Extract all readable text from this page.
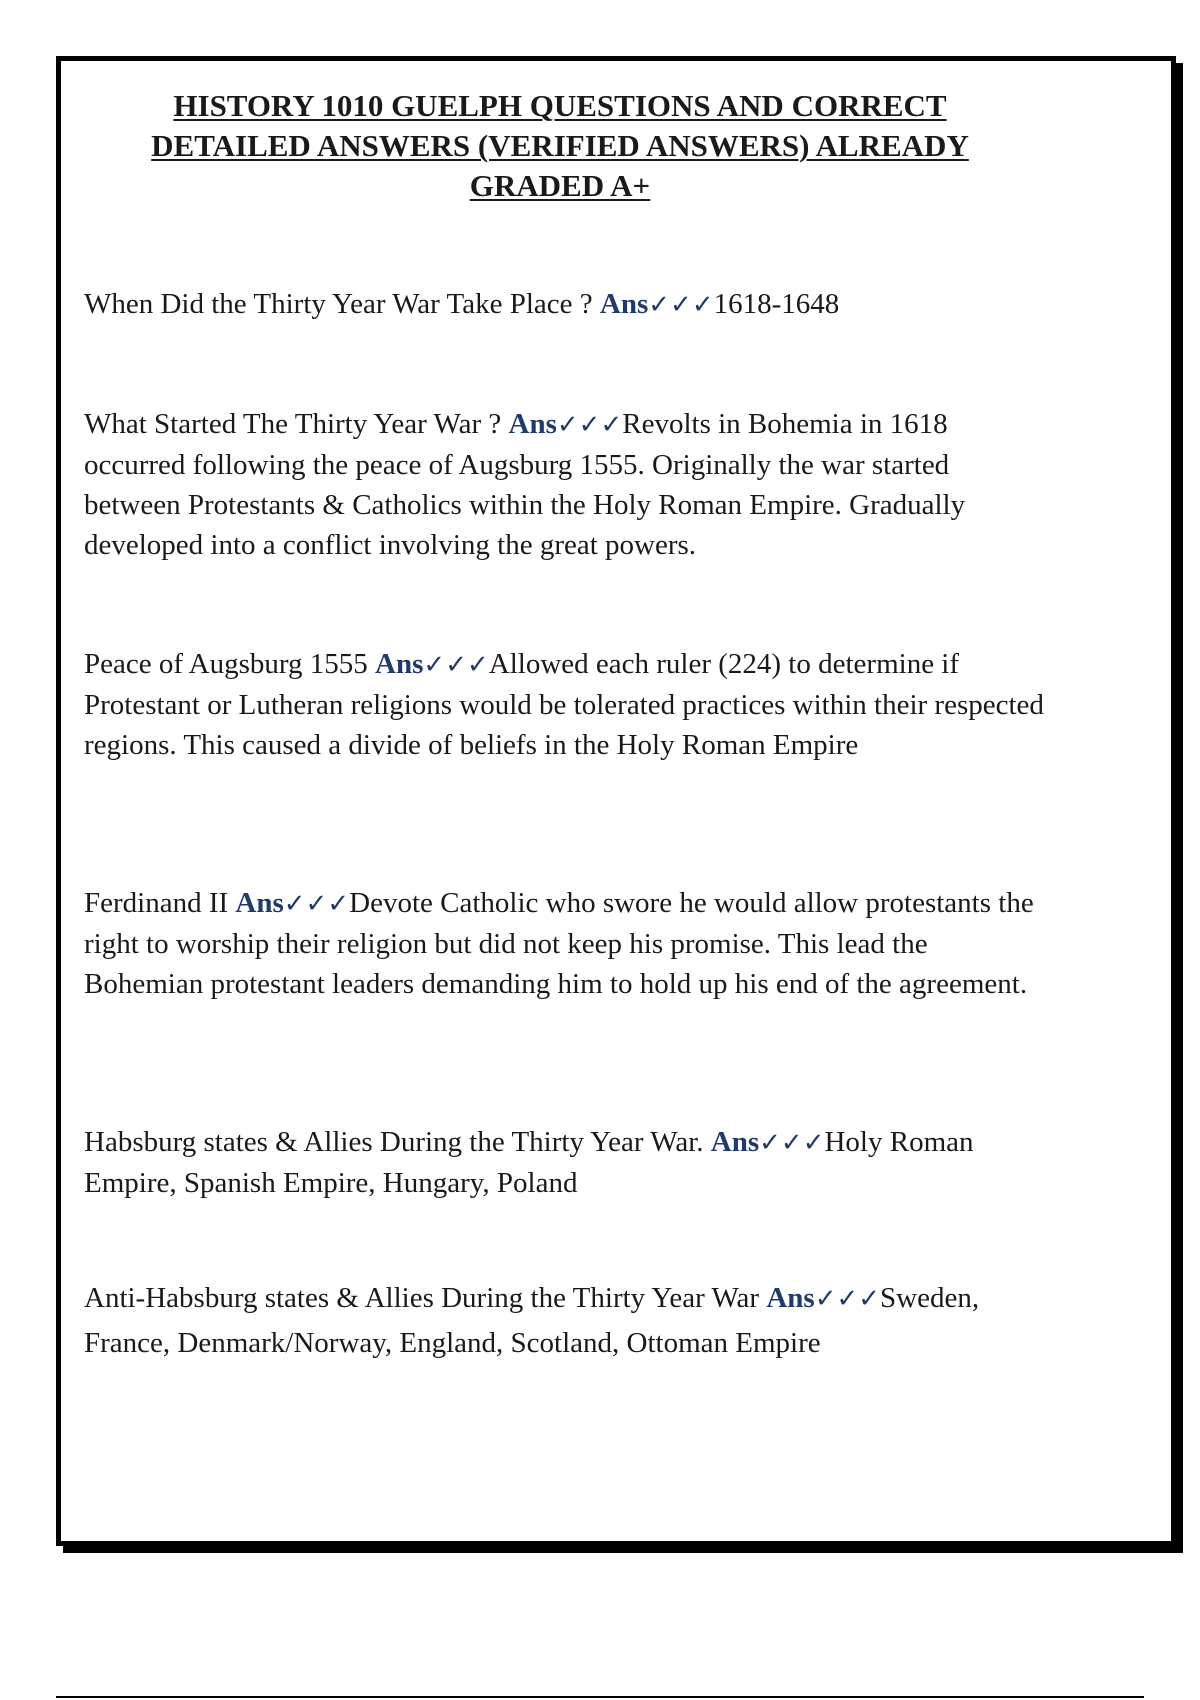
HISTORY 1010 GUELPH QUESTIONS AND CORRECT
DETAILED ANSWERS (VERIFIED ANSWERS) ALREADY
GRADED A+

When Did the Thirty Year War Take Place ? Ans✓✓✓1618-1648

What Started The Thirty Year War ? Ans✓✓✓Revolts in Bohemia in 1618 occurred following the peace of Augsburg 1555. Originally the war started between Protestants & Catholics within the Holy Roman Empire. Gradually developed into a conflict involving the great powers.

Peace of Augsburg 1555 Ans✓✓✓Allowed each ruler (224) to determine if Protestant or Lutheran religions would be tolerated practices within their respected regions. This caused a divide of beliefs in the Holy Roman Empire

Ferdinand II Ans✓✓✓Devote Catholic who swore he would allow protestants the right to worship their religion but did not keep his promise. This lead the Bohemian protestant leaders demanding him to hold up his end of the agreement.

Habsburg states & Allies During the Thirty Year War. Ans✓✓✓Holy Roman Empire, Spanish Empire, Hungary, Poland

Anti-Habsburg states & Allies During the Thirty Year War Ans✓✓✓Sweden, France, Denmark/Norway, England, Scotland, Ottoman Empire
